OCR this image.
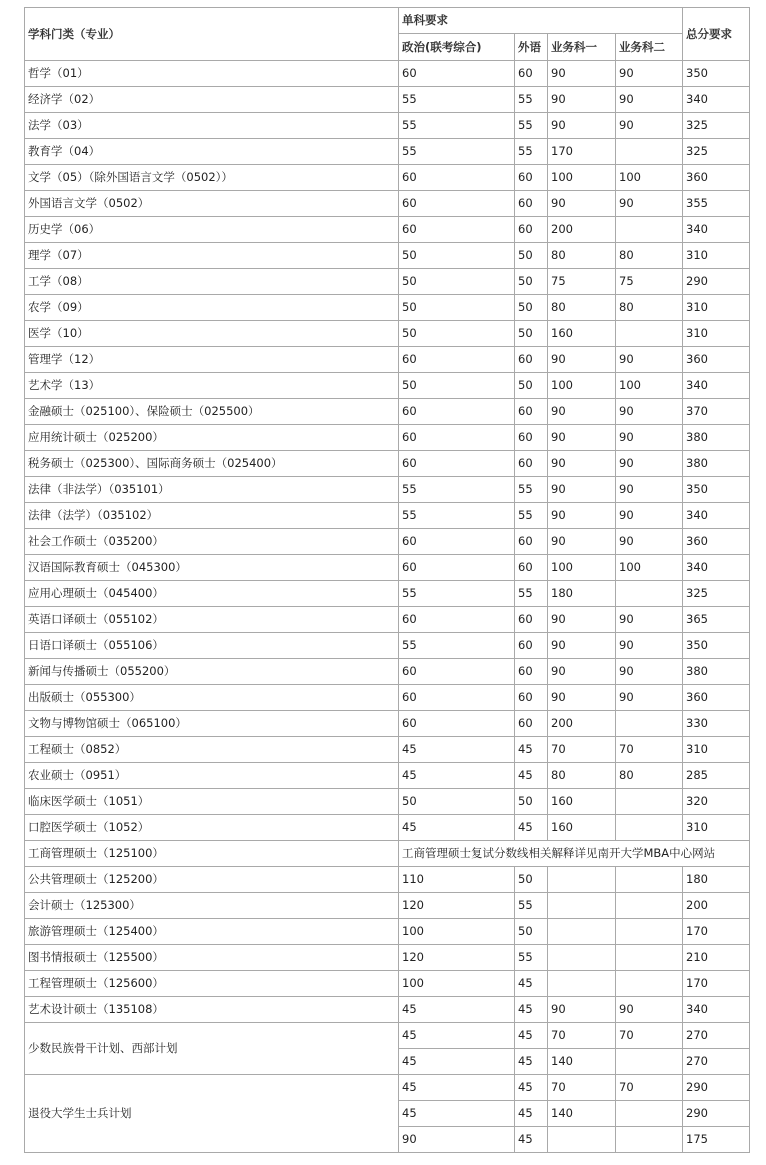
学科门类（专业）	单科要求				总分要求
	政治(联考综合)	外语	业务科一	业务科二	
哲学（01）	60	60	90	90	350
经济学（02）	55	55	90	90	340
法学（03）	55	55	90	90	325
教育学（04）	55	55	170		325
文学（05）（除外国语言文学（0502））	60	60	100	100	360
外国语言文学（0502）	60	60	90	90	355
历史学（06）	60	60	200		340
理学（07）	50	50	80	80	310
工学（08）	50	50	75	75	290
农学（09）	50	50	80	80	310
医学（10）	50	50	160		310
管理学（12）	60	60	90	90	360
艺术学（13）	50	50	100	100	340
金融硕士（025100）、保险硕士（025500）	60	60	90	90	370
应用统计硕士（025200）	60	60	90	90	380
税务硕士（025300）、国际商务硕士（025400）	60	60	90	90	380
法律（非法学）（035101）	55	55	90	90	350
法律（法学）（035102）	55	55	90	90	340
社会工作硕士（035200）	60	60	90	90	360
汉语国际教育硕士（045300）	60	60	100	100	340
应用心理硕士（045400）	55	55	180		325
英语口译硕士（055102）	60	60	90	90	365
日语口译硕士（055106）	55	60	90	90	350
新闻与传播硕士（055200）	60	60	90	90	380
出版硕士（055300）	60	60	90	90	360
文物与博物馆硕士（065100）	60	60	200		330
工程硕士（0852）	45	45	70	70	310
农业硕士（0951）	45	45	80	80	285
临床医学硕士（1051）	50	50	160		320
口腔医学硕士（1052）	45	45	160		310
工商管理硕士（125100）	工商管理硕士复试分数线相关解释详见南开大学MBA中心网站				
公共管理硕士（125200）	110	50			180
会计硕士（125300）	120	55			200
旅游管理硕士（125400）	100	50			170
图书情报硕士（125500）	120	55			210
工程管理硕士（125600）	100	45			170
艺术设计硕士（135108）	45	45	90	90	340
少数民族骨干计划、西部计划	45	45	70	70	270
	45	45	140		270
退役大学生士兵计划	45	45	70	70	290
	45	45	140		290
	90	45			175
